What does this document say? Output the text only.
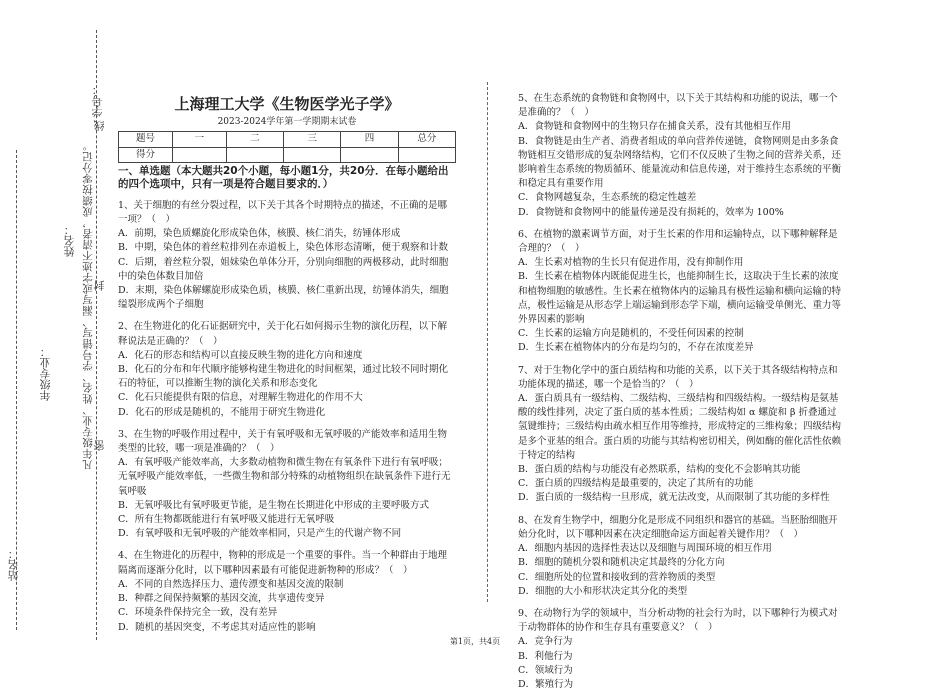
学号：
姓名：
年级专业：
站名：
凡年级专业、姓名、学号错写、漏写或字迹不清者，成绩按零分记。
线
封
密
上海理工大学《生物医学光子学》
2023-2024学年第一学期期末试卷
题号	一	二	三	四	总分
得分					
一、单选题（本大题共20个小题，每小题1分，共20分．在每小题给出的四个选项中，只有一项是符合题目要求的．）
1、关于细胞的有丝分裂过程，以下关于其各个时期特点的描述，不正确的是哪一项？（　）
A．前期，染色质螺旋化形成染色体，核膜、核仁消失，纺锤体形成
B．中期，染色体的着丝粒排列在赤道板上，染色体形态清晰，便于观察和计数
C．后期，着丝粒分裂，姐妹染色单体分开，分别向细胞的两极移动，此时细胞中的染色体数目加倍
D．末期，染色体解螺旋形成染色质，核膜、核仁重新出现，纺锤体消失，细胞缢裂形成两个子细胞
2、在生物进化的化石证据研究中，关于化石如何揭示生物的演化历程，以下解释说法是正确的？（　）
A．化石的形态和结构可以直接反映生物的进化方向和速度
B．化石的分布和年代顺序能够构建生物进化的时间框架，通过比较不同时期化石的特征，可以推断生物的演化关系和形态变化
C．化石只能提供有限的信息，对理解生物进化的作用不大
D．化石的形成是随机的，不能用于研究生物进化
3、在生物的呼吸作用过程中，关于有氧呼吸和无氧呼吸的产能效率和适用生物类型的比较，哪一项是准确的？（　）
A．有氧呼吸产能效率高，大多数动植物和微生物在有氧条件下进行有氧呼吸；无氧呼吸产能效率低，一些微生物和部分特殊的动植物组织在缺氧条件下进行无氧呼吸
B．无氧呼吸比有氧呼吸更节能，是生物在长期进化中形成的主要呼吸方式
C．所有生物都既能进行有氧呼吸又能进行无氧呼吸
D．有氧呼吸和无氧呼吸的产能效率相同，只是产生的代谢产物不同
4、在生物进化的历程中，物种的形成是一个重要的事件。当一个种群由于地理隔离而逐渐分化时，以下哪种因素最有可能促进新物种的形成？（　）
A．不同的自然选择压力、遗传漂变和基因交流的限制
B．种群之间保持频繁的基因交流，共享遗传变异
C．环境条件保持完全一致，没有差异
D．随机的基因突变，不考虑其对适应性的影响
5、在生态系统的食物链和食物网中，以下关于其结构和功能的说法，哪一个是准确的？（　）
A．食物链和食物网中的生物只存在捕食关系，没有其他相互作用
B．食物链是由生产者、消费者组成的单向营养传递链，食物网则是由多条食物链相互交错形成的复杂网络结构，它们不仅反映了生物之间的营养关系，还影响着生态系统的物质循环、能量流动和信息传递，对于维持生态系统的平衡和稳定具有重要作用
C．食物网越复杂，生态系统的稳定性越差
D．食物链和食物网中的能量传递是没有损耗的，效率为 100%
6、在植物的激素调节方面，对于生长素的作用和运输特点，以下哪种解释是合理的？（　）
A．生长素对植物的生长只有促进作用，没有抑制作用
B．生长素在植物体内既能促进生长，也能抑制生长，这取决于生长素的浓度和植物细胞的敏感性。生长素在植物体内的运输具有极性运输和横向运输的特点，极性运输是从形态学上端运输到形态学下端，横向运输受单侧光、重力等外界因素的影响
C．生长素的运输方向是随机的，不受任何因素的控制
D．生长素在植物体内的分布是均匀的，不存在浓度差异
7、对于生物化学中的蛋白质结构和功能的关系，以下关于其各级结构特点和功能体现的描述，哪一个是恰当的？（　）
A．蛋白质具有一级结构、二级结构、三级结构和四级结构。一级结构是氨基酸的线性排列，决定了蛋白质的基本性质；二级结构如 α 螺旋和 β 折叠通过氢键维持；三级结构由疏水相互作用等维持，形成特定的三维构象；四级结构是多个亚基的组合。蛋白质的功能与其结构密切相关，例如酶的催化活性依赖于特定的结构
B．蛋白质的结构与功能没有必然联系，结构的变化不会影响其功能
C．蛋白质的四级结构是最重要的，决定了其所有的功能
D．蛋白质的一级结构一旦形成，就无法改变，从而限制了其功能的多样性
8、在发育生物学中，细胞分化是形成不同组织和器官的基础。当胚胎细胞开始分化时，以下哪种因素在决定细胞命运方面起着关键作用？（　）
A．细胞内基因的选择性表达以及细胞与周围环境的相互作用
B．细胞的随机分裂和随机决定其最终的分化方向
C．细胞所处的位置和接收到的营养物质的类型
D．细胞的大小和形状决定其分化的类型
9、在动物行为学的领域中，当分析动物的社会行为时，以下哪种行为模式对于动物群体的协作和生存具有重要意义？（　）
A．竞争行为
B．利他行为
C．领域行为
D．繁殖行为
第1页，共4页
